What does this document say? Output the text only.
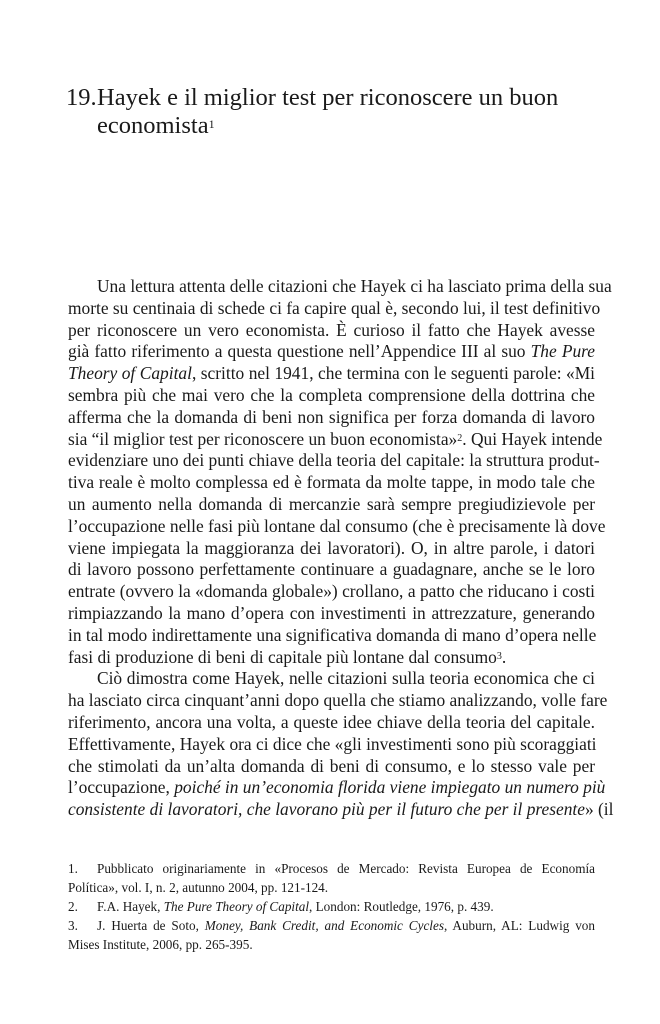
19.Hayek e il miglior test per riconoscere un buon
economista$^1$
Una lettura attenta delle citazioni che Hayek ci ha lasciato prima della sua
morte su centinaia di schede ci fa capire qual è, secondo lui, il test definitivo
per riconoscere un vero economista. È curioso il fatto che Hayek avesse
già fatto riferimento a questa questione nell’Appendice III al suo The Pure
Theory of Capital, scritto nel 1941, che termina con le seguenti parole: «Mi
sembra più che mai vero che la completa comprensione della dottrina che
afferma che la domanda di beni non significa per forza domanda di lavoro
sia “il miglior test per riconoscere un buon economista»$^2$. Qui Hayek intende
evidenziare uno dei punti chiave della teoria del capitale: la struttura produt-
tiva reale è molto complessa ed è formata da molte tappe, in modo tale che
un aumento nella domanda di mercanzie sarà sempre pregiudizievole per
l’occupazione nelle fasi più lontane dal consumo (che è precisamente là dove
viene impiegata la maggioranza dei lavoratori). O, in altre parole, i datori
di lavoro possono perfettamente continuare a guadagnare, anche se le loro
entrate (ovvero la «domanda globale») crollano, a patto che riducano i costi
rimpiazzando la mano d’opera con investimenti in attrezzature, generando
in tal modo indirettamente una significativa domanda di mano d’opera nelle
fasi di produzione di beni di capitale più lontane dal consumo$^3$.
Ciò dimostra come Hayek, nelle citazioni sulla teoria economica che ci
ha lasciato circa cinquant’anni dopo quella che stiamo analizzando, volle fare
riferimento, ancora una volta, a queste idee chiave della teoria del capitale.
Effettivamente, Hayek ora ci dice che «gli investimenti sono più scoraggiati
che stimolati da un’alta domanda di beni di consumo, e lo stesso vale per
l’occupazione, poiché in un’economia florida viene impiegato un numero più
consistente di lavoratori, che lavorano più per il futuro che per il presente» (il
1. Pubblicato originariamente in «Procesos de Mercado: Revista Europea de Economía Política», vol. I, n. 2, autunno 2004, pp. 121-124.
2. F.A. Hayek, The Pure Theory of Capital, London: Routledge, 1976, p. 439.
3. J. Huerta de Soto, Money, Bank Credit, and Economic Cycles, Auburn, AL: Ludwig von Mises Institute, 2006, pp. 265-395.
